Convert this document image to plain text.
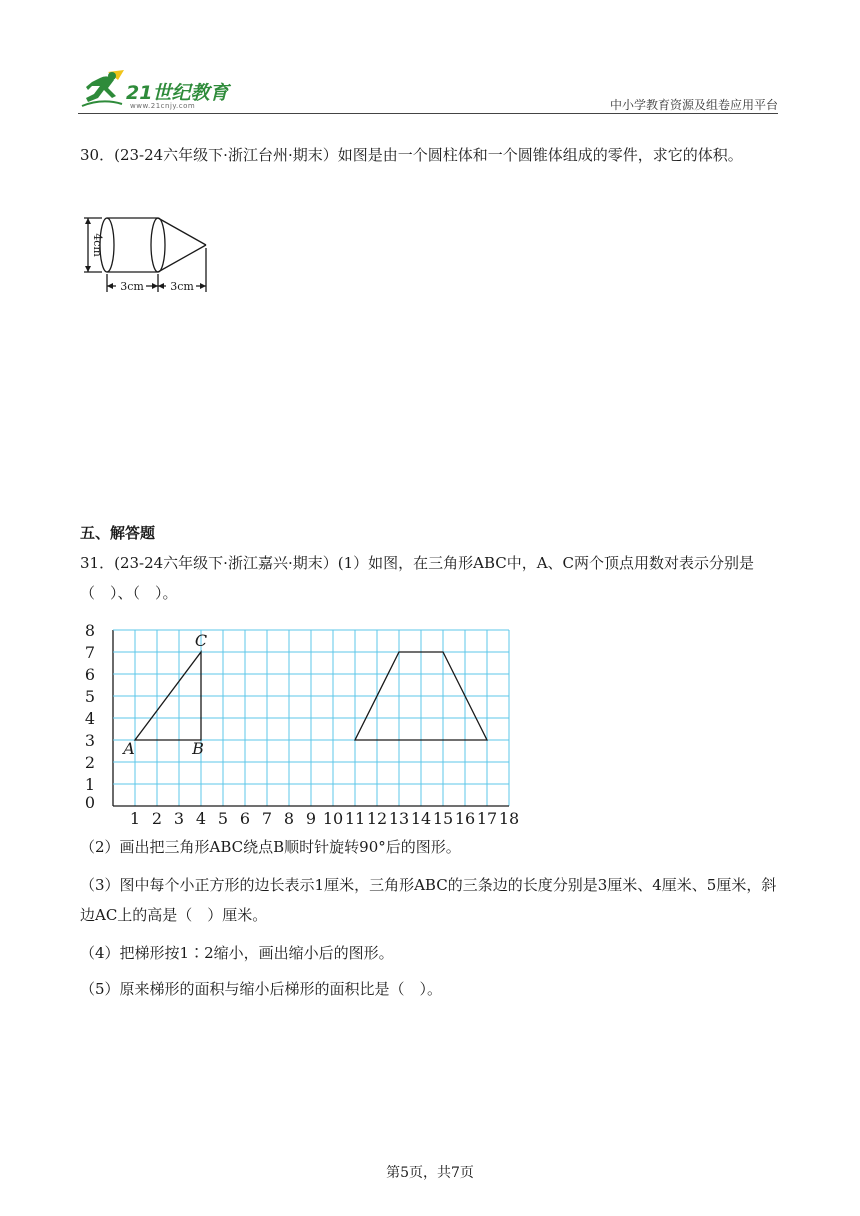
21世纪教育
www.21cnjy.com	中小学教育资源及组卷应用平台
30．(23-24六年级下·浙江台州·期末）如图是由一个圆柱体和一个圆锥体组成的零件，求它的体积。
4cm
3cm 3cm
五、解答题
31．(23-24六年级下·浙江嘉兴·期末）(1）如图，在三角形ABC中，A、C两个顶点用数对表示分别是（　）、（　）。
0
1
2
3
4
5
6
7
8
1 2 3 4 5 6 7 8 9 10 11 12 13 14 15 16 17 18
A	B
C
（2）画出把三角形ABC绕点B顺时针旋转90°后的图形。
（3）图中每个小正方形的边长表示1厘米，三角形ABC的三条边的长度分别是3厘米、4厘米、5厘米，斜边AC上的高是（　）厘米。
（4）把梯形按1∶2缩小，画出缩小后的图形。
（5）原来梯形的面积与缩小后梯形的面积比是（　）。
第5页，共7页
